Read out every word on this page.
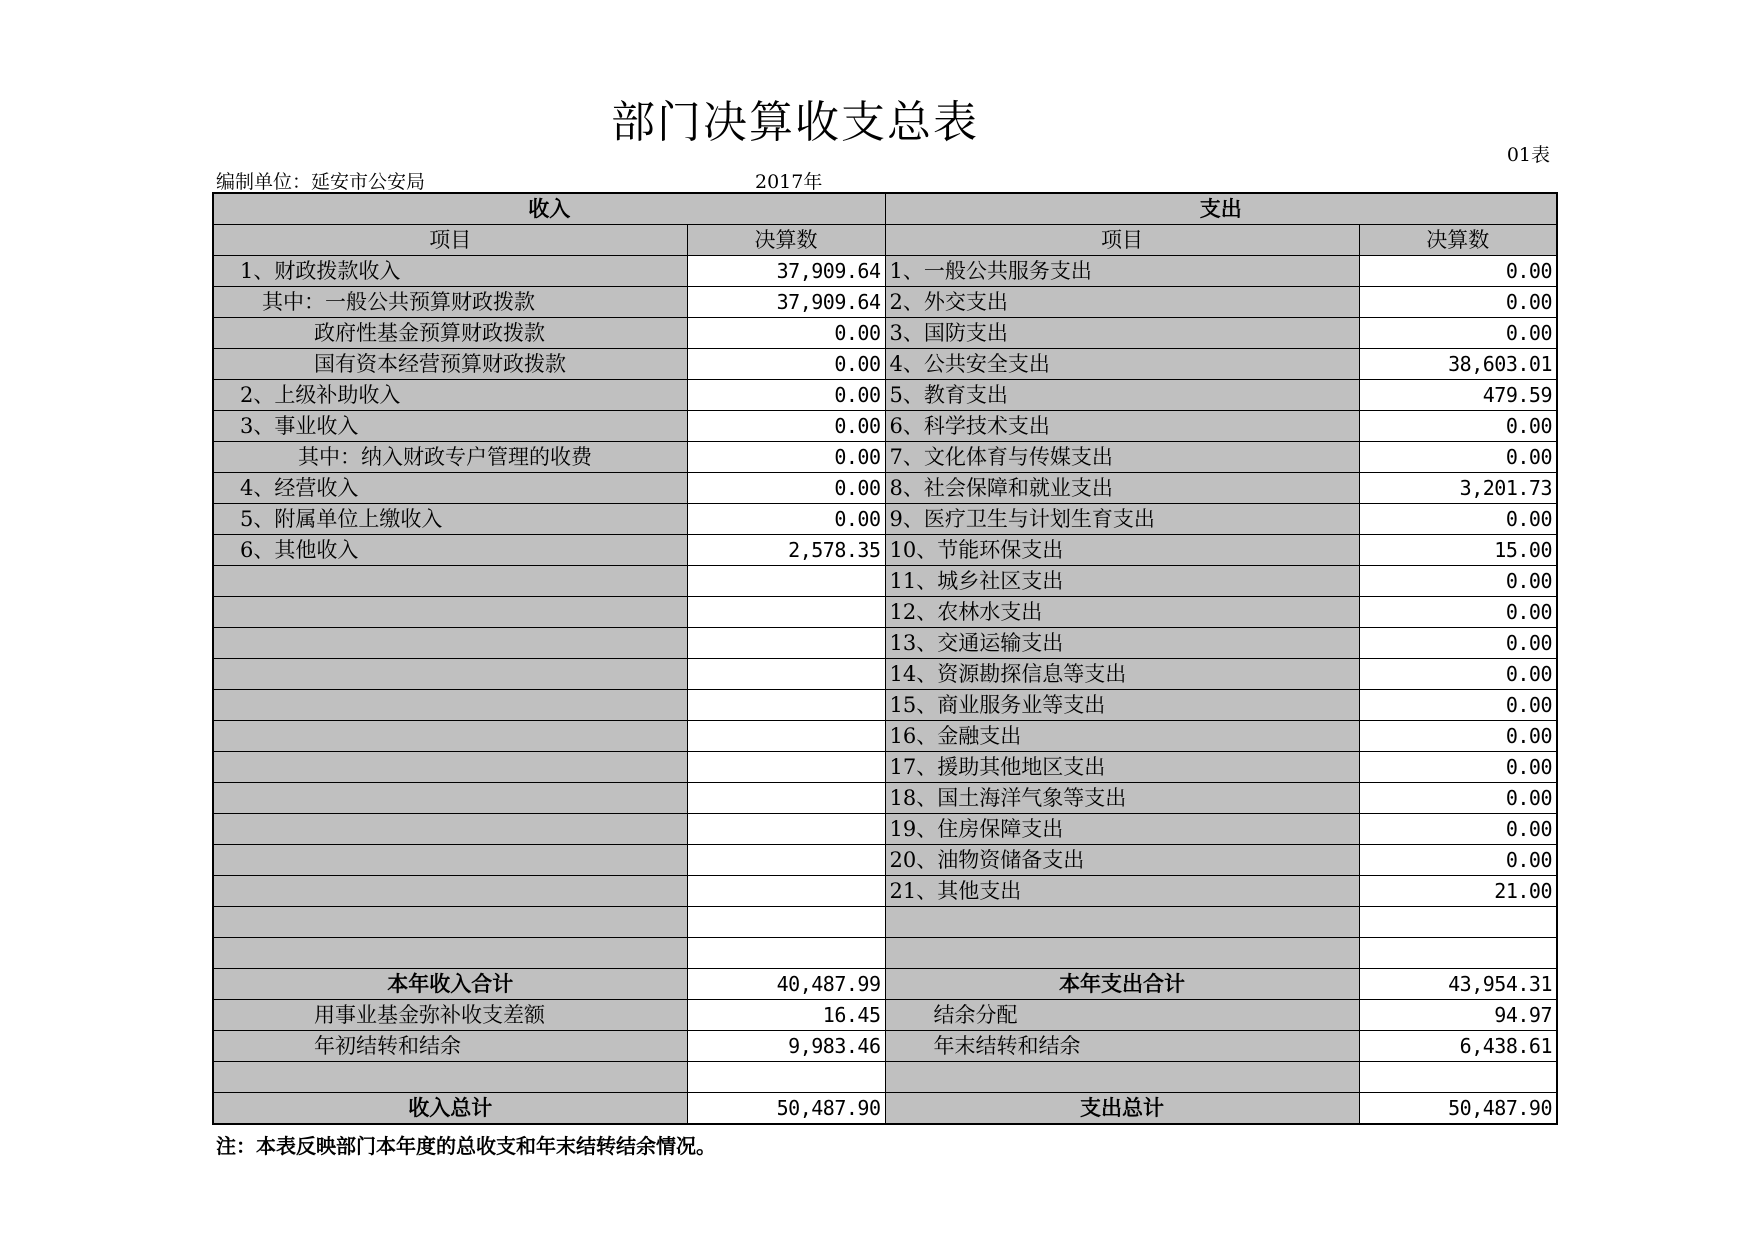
部门决算收支总表
01表
编制单位：延安市公安局	2017年
收入		支出	
项目	决算数	项目	决算数
1、财政拨款收入	37,909.64	1、一般公共服务支出	0.00
其中：一般公共预算财政拨款	37,909.64	2、外交支出	0.00
政府性基金预算财政拨款	0.00	3、国防支出	0.00
国有资本经营预算财政拨款	0.00	4、公共安全支出	38,603.01
2、上级补助收入	0.00	5、教育支出	479.59
3、事业收入	0.00	6、科学技术支出	0.00
其中：纳入财政专户管理的收费	0.00	7、文化体育与传媒支出	0.00
4、经营收入	0.00	8、社会保障和就业支出	3,201.73
5、附属单位上缴收入	0.00	9、医疗卫生与计划生育支出	0.00
6、其他收入	2,578.35	10、节能环保支出	15.00
		11、城乡社区支出	0.00
		12、农林水支出	0.00
		13、交通运输支出	0.00
		14、资源勘探信息等支出	0.00
		15、商业服务业等支出	0.00
		16、金融支出	0.00
		17、援助其他地区支出	0.00
		18、国土海洋气象等支出	0.00
		19、住房保障支出	0.00
		20、油物资储备支出	0.00
		21、其他支出	21.00

本年收入合计	40,487.99	本年支出合计	43,954.31
用事业基金弥补收支差额	16.45	结余分配	94.97
年初结转和结余	9,983.46	年末结转和结余	6,438.61

收入总计	50,487.90	支出总计	50,487.90
注：本表反映部门本年度的总收支和年末结转结余情况。
